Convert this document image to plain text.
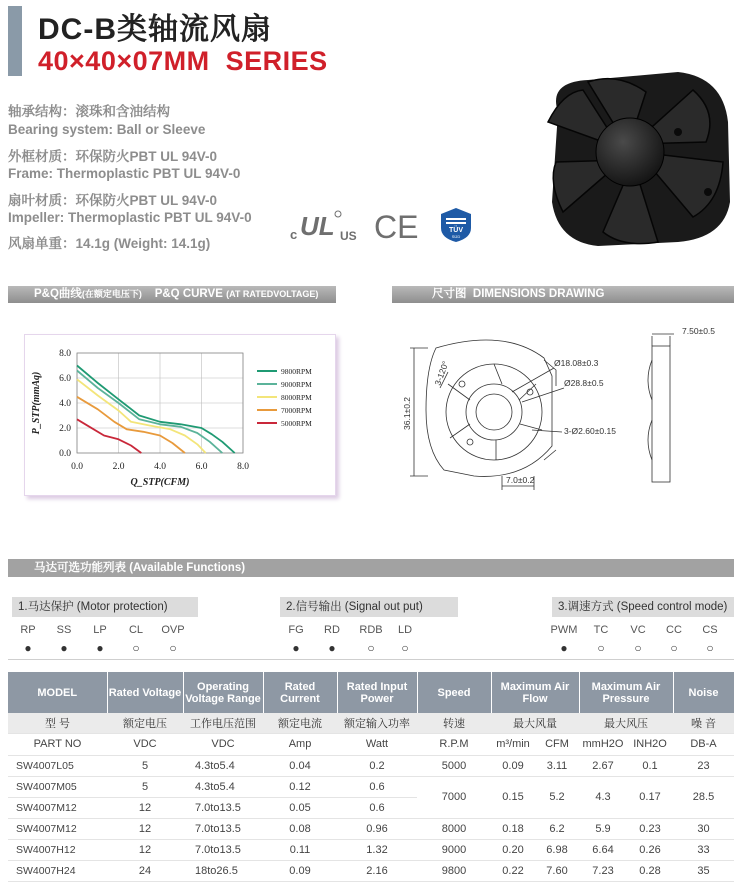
DC-B类轴流风扇
40×40×07MM  SERIES
轴承结构：滚珠和含油结构
Bearing system: Ball or Sleeve
外框材质：环保防火PBT UL 94V-0
Frame: Thermoplastic PBT UL 94V-0
扇叶材质：环保防火PBT UL 94V-0
Impeller: Thermoplastic PBT UL 94V-0
风扇单重：14.1g (Weight: 14.1g)
c UL US CE	TÜV
SÜD
P&Q曲线(在额定电压下) P&Q CURVE (AT RATEDVOLTAGE)	尺寸图 DIMENSIONS DRAWING
0.0
2.0
4.0
6.0
8.0
0.0	2.0	4.0	6.0	8.0
Q_STP(CFM)
P_STP(mmAq)
9800RPM
9000RPM
8000RPM
7000RPM
5000RPM
Ø18.08±0.3
Ø28.8±0.5
3-Ø2.60±0.15
3-120°
36.1±0.2
7.0±0.2
7.50±0.5
马达可选功能列表 (Available Functions)
1.马达保护 (Motor protection)	2.信号输出 (Signal out put)	3.调速方式 (Speed control mode)
RP	SS	LP	CL	OVP
●	●	●	○	○
FG	RD	RDB	LD
●	●	○	○
PWM	TC	VC	CC	CS
●	○	○	○	○
MODEL	Rated Voltage	Operating Voltage Range	Rated Current	Rated Input Power	Speed	Maximum Air Flow		Maximum Air Pressure		Noise
型 号	额定电压	工作电压范围	额定电流	额定输入功率	转速	最大风量		最大风压		噪 音
PART NO	VDC	VDC	Amp	Watt	R.P.M	m³/min	CFM	mmH2O	INH2O	DB-A
SW4007L05	5	4.3to5.4	0.04	0.2	5000	0.09	3.11	2.67	0.1	23
SW4007M05	5	4.3to5.4	0.12	0.6	7000	0.15	5.2	4.3	0.17	28.5
SW4007M12	12	7.0to13.5	0.05	0.6						
SW4007M12	12	7.0to13.5	0.08	0.96	8000	0.18	6.2	5.9	0.23	30
SW4007H12	12	7.0to13.5	0.11	1.32	9000	0.20	6.98	6.64	0.26	33
SW4007H24	24	18to26.5	0.09	2.16	9800	0.22	7.60	7.23	0.28	35
